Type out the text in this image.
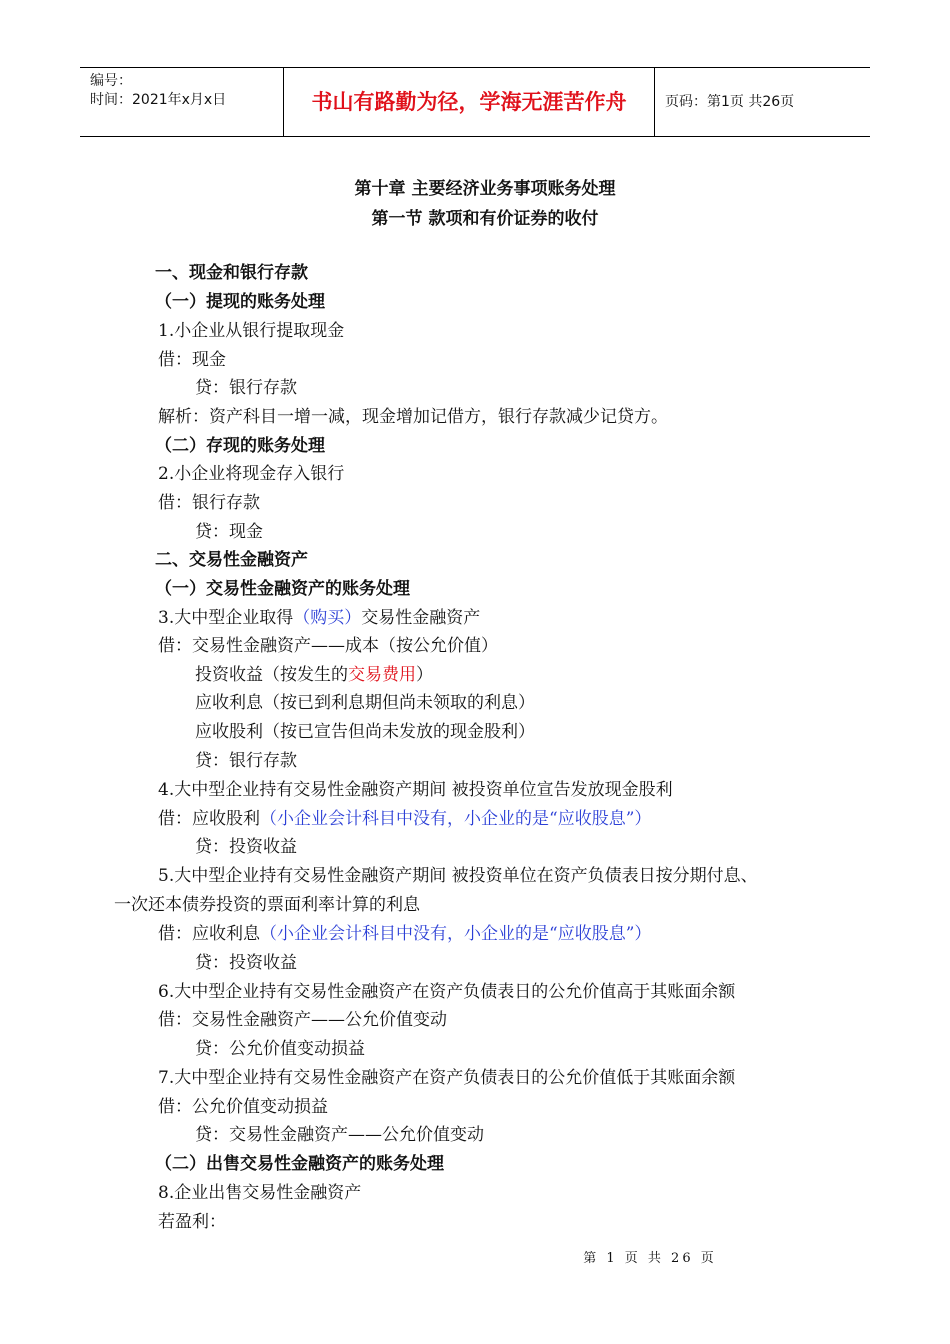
编号：
时间：2021年x月x日	书山有路勤为径，学海无涯苦作舟	页码：第1页 共26页
第十章 主要经济业务事项账务处理
第一节 款项和有价证券的收付
一、现金和银行存款
（一）提现的账务处理
1.小企业从银行提取现金
借：现金
贷：银行存款
解析：资产科目一增一减，现金增加记借方，银行存款减少记贷方。
（二）存现的账务处理
2.小企业将现金存入银行
借：银行存款
贷：现金
二、交易性金融资产
（一）交易性金融资产的账务处理
3.大中型企业取得（购买）交易性金融资产
借：交易性金融资产——成本（按公允价值）
投资收益（按发生的交易费用）
应收利息（按已到利息期但尚未领取的利息）
应收股利（按已宣告但尚未发放的现金股利）
贷：银行存款
4.大中型企业持有交易性金融资产期间 被投资单位宣告发放现金股利
借：应收股利（小企业会计科目中没有，小企业的是“应收股息”）
贷：投资收益
5.大中型企业持有交易性金融资产期间 被投资单位在资产负债表日按分期付息、
一次还本债券投资的票面利率计算的利息
借：应收利息（小企业会计科目中没有，小企业的是“应收股息”）
贷：投资收益
6.大中型企业持有交易性金融资产在资产负债表日的公允价值高于其账面余额
借：交易性金融资产——公允价值变动
贷：公允价值变动损益
7.大中型企业持有交易性金融资产在资产负债表日的公允价值低于其账面余额
借：公允价值变动损益
贷：交易性金融资产——公允价值变动
（二）出售交易性金融资产的账务处理
8.企业出售交易性金融资产
若盈利：
第 1 页 共 26 页
